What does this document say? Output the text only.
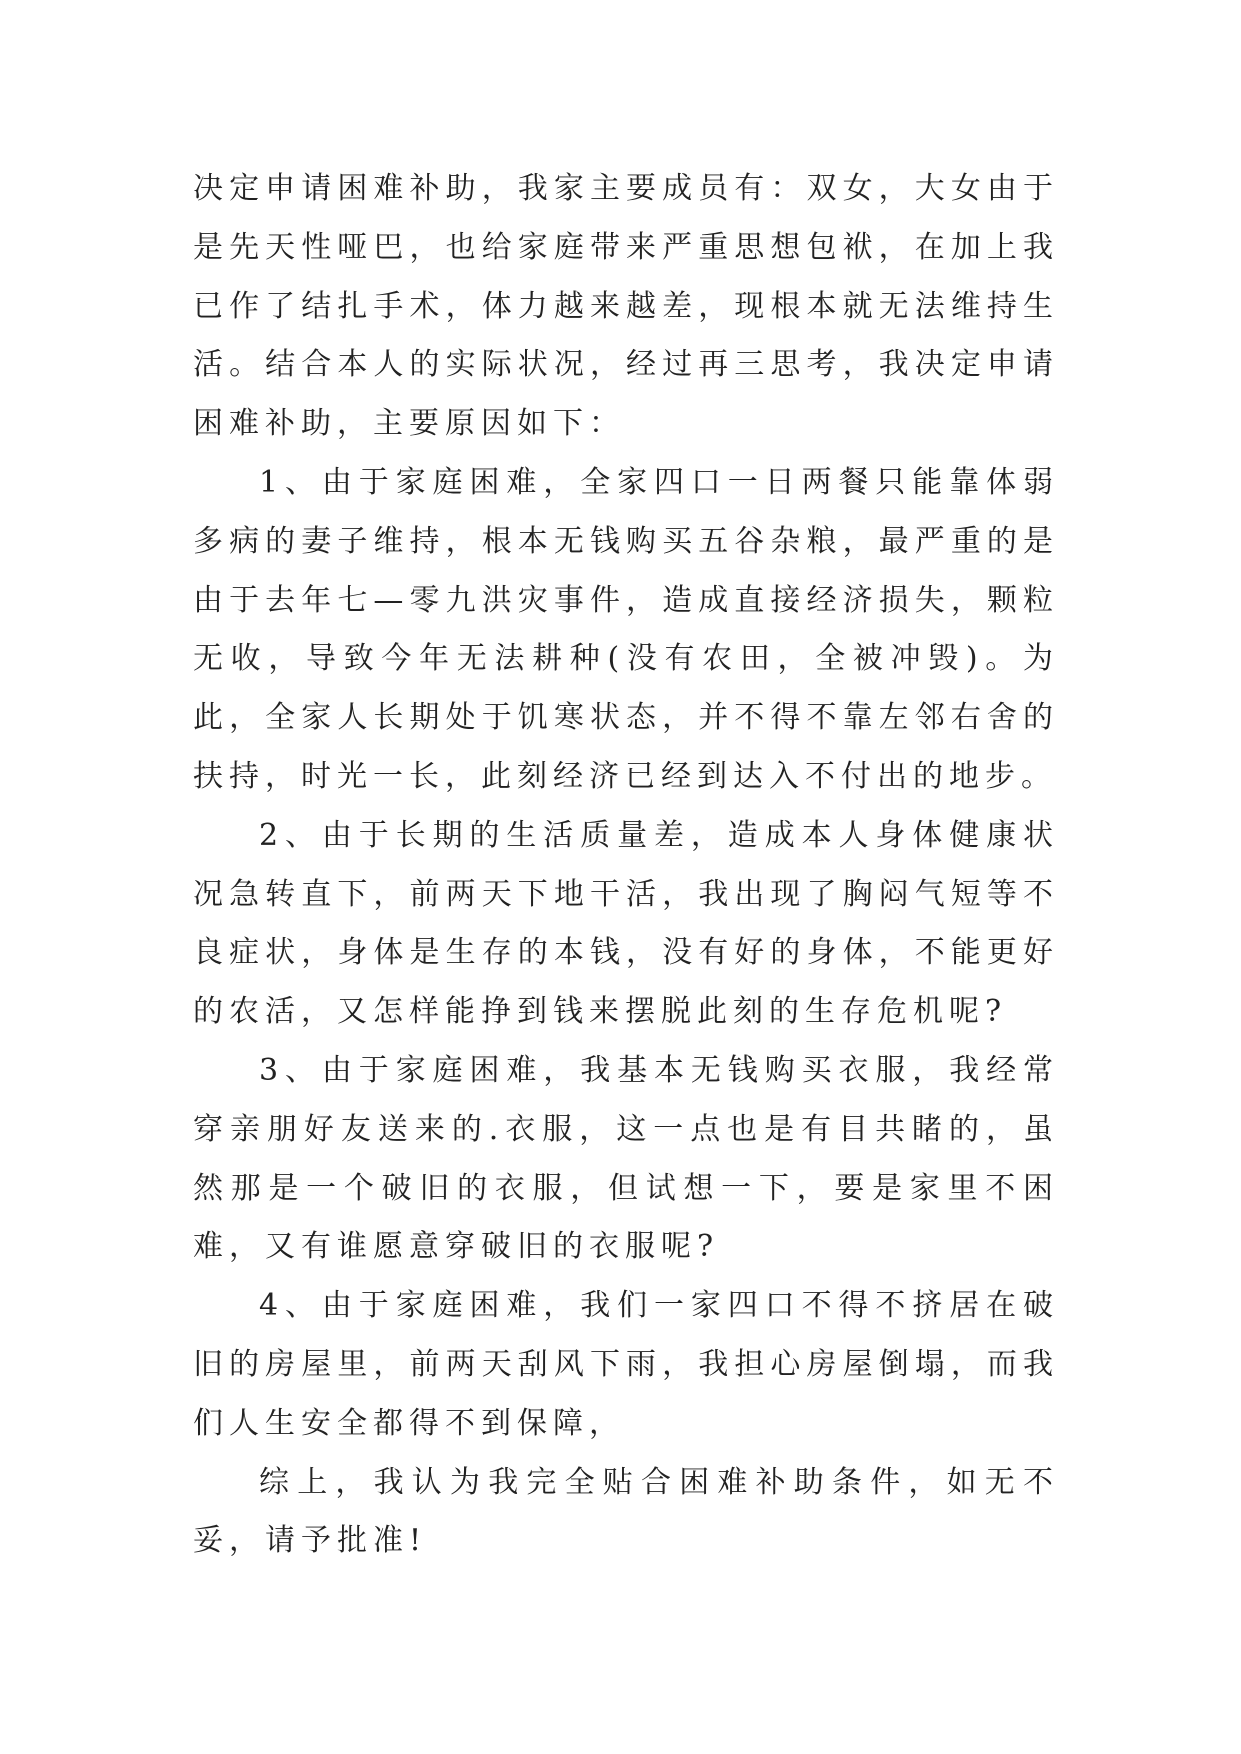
决定申请困难补助，我家主要成员有：双女，大女由于是先天性哑巴，也给家庭带来严重思想包袱，在加上我已作了结扎手术，体力越来越差，现根本就无法维持生活。结合本人的实际状况，经过再三思考，我决定申请困难补助，主要原因如下：

1、由于家庭困难，全家四口一日两餐只能靠体弱多病的妻子维持，根本无钱购买五谷杂粮，最严重的是由于去年七—零九洪灾事件，造成直接经济损失，颗粒无收，导致今年无法耕种(没有农田，全被冲毁)。为此，全家人长期处于饥寒状态，并不得不靠左邻右舍的扶持，时光一长，此刻经济已经到达入不付出的地步。

2、由于长期的生活质量差，造成本人身体健康状况急转直下，前两天下地干活，我出现了胸闷气短等不良症状，身体是生存的本钱，没有好的身体，不能更好的农活，又怎样能挣到钱来摆脱此刻的生存危机呢?

3、由于家庭困难，我基本无钱购买衣服，我经常穿亲朋好友送来的.衣服，这一点也是有目共睹的，虽然那是一个破旧的衣服，但试想一下，要是家里不困难，又有谁愿意穿破旧的衣服呢?

4、由于家庭困难，我们一家四口不得不挤居在破旧的房屋里，前两天刮风下雨，我担心房屋倒塌，而我们人生安全都得不到保障，

综上，我认为我完全贴合困难补助条件，如无不妥，请予批准!
